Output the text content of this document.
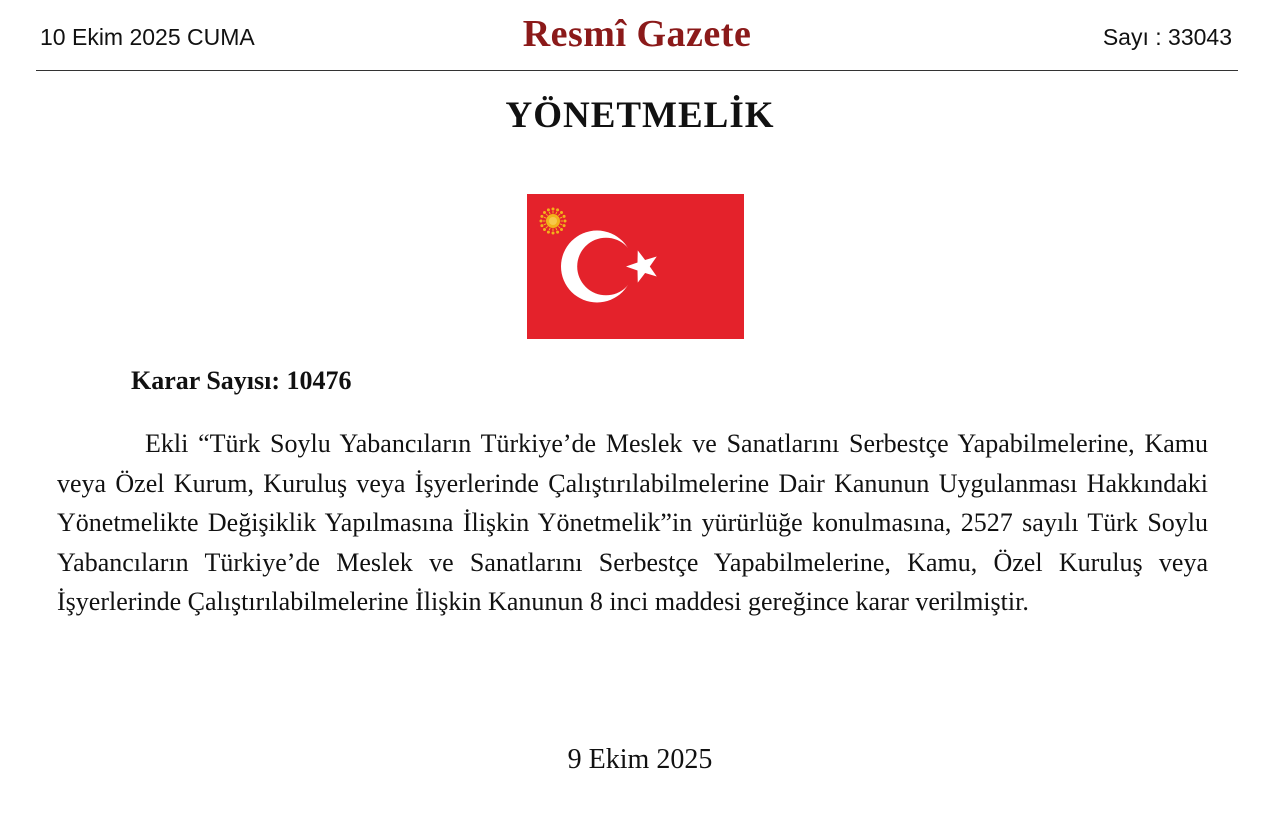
10 Ekim 2025 CUMA	Resmî Gazete	Sayı : 33043
YÖNETMELİK
Karar Sayısı: 10476

Ekli “Türk Soylu Yabancıların Türkiye’de Meslek ve Sanatlarını Serbestçe Yapabilmelerine, Kamu veya Özel Kurum, Kuruluş veya İşyerlerinde Çalıştırılabilmelerine Dair Kanunun Uygulanması Hakkındaki Yönetmelikte Değişiklik Yapılmasına İlişkin Yönetmelik”in yürürlüğe konulmasına, 2527 sayılı Türk Soylu Yabancıların Türkiye’de Meslek ve Sanatlarını Serbestçe Yapabilmelerine, Kamu, Özel Kuruluş veya İşyerlerinde Çalıştırılabilmelerine İlişkin Kanunun 8 inci maddesi gereğince karar verilmiştir.

9 Ekim 2025
